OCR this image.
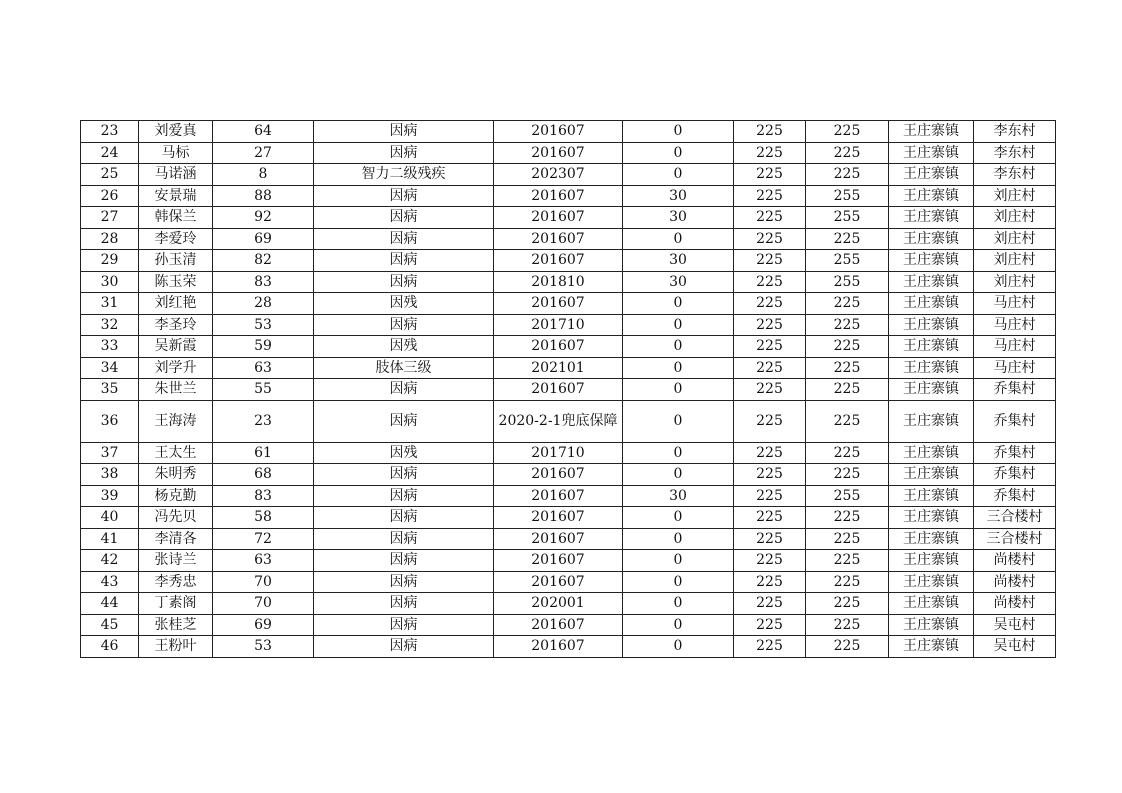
23	刘爱真	64	因病	201607	0	225	225	王庄寨镇	李东村
24	马标	27	因病	201607	0	225	225	王庄寨镇	李东村
25	马诺涵	8	智力二级残疾	202307	0	225	225	王庄寨镇	李东村
26	安景瑞	88	因病	201607	30	225	255	王庄寨镇	刘庄村
27	韩保兰	92	因病	201607	30	225	255	王庄寨镇	刘庄村
28	李爱玲	69	因病	201607	0	225	225	王庄寨镇	刘庄村
29	孙玉清	82	因病	201607	30	225	255	王庄寨镇	刘庄村
30	陈玉荣	83	因病	201810	30	225	255	王庄寨镇	刘庄村
31	刘红艳	28	因残	201607	0	225	225	王庄寨镇	马庄村
32	李圣玲	53	因病	201710	0	225	225	王庄寨镇	马庄村
33	吴新霞	59	因残	201607	0	225	225	王庄寨镇	马庄村
34	刘学升	63	肢体三级	202101	0	225	225	王庄寨镇	马庄村
35	朱世兰	55	因病	201607	0	225	225	王庄寨镇	乔集村
36	王海涛	23	因病	2020-2-1兜底保障	0	225	225	王庄寨镇	乔集村
37	王太生	61	因残	201710	0	225	225	王庄寨镇	乔集村
38	朱明秀	68	因病	201607	0	225	225	王庄寨镇	乔集村
39	杨克勤	83	因病	201607	30	225	255	王庄寨镇	乔集村
40	冯先贝	58	因病	201607	0	225	225	王庄寨镇	三合楼村
41	李清各	72	因病	201607	0	225	225	王庄寨镇	三合楼村
42	张诗兰	63	因病	201607	0	225	225	王庄寨镇	尚楼村
43	李秀忠	70	因病	201607	0	225	225	王庄寨镇	尚楼村
44	丁素阁	70	因病	202001	0	225	225	王庄寨镇	尚楼村
45	张桂芝	69	因病	201607	0	225	225	王庄寨镇	吴屯村
46	王粉叶	53	因病	201607	0	225	225	王庄寨镇	吴屯村
